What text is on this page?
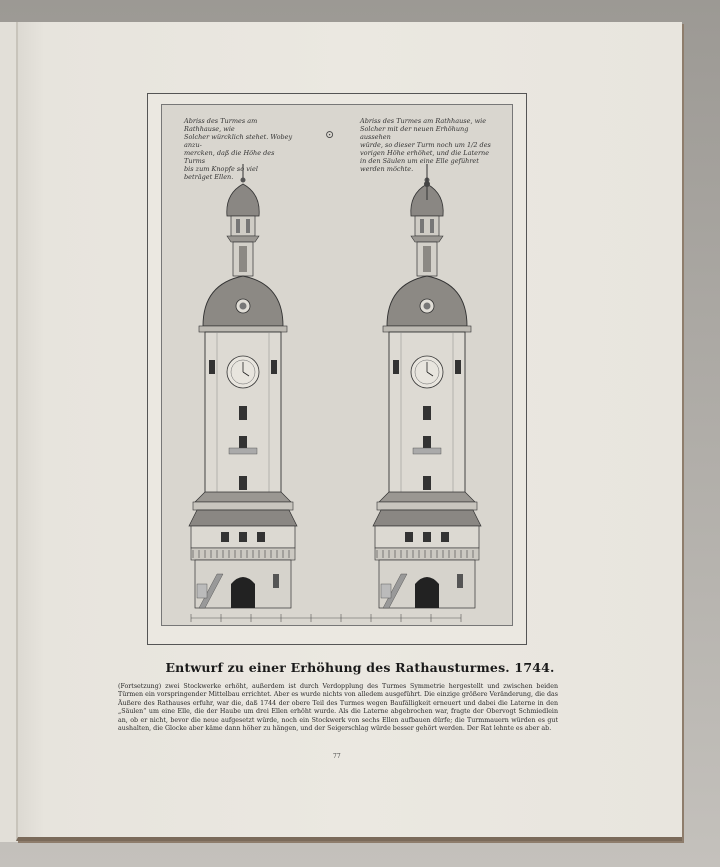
Abriss des Turmes am Rathhause, wie
Solcher würcklich stehet. Wobey anzu-
mercken, daß die Höhe des Turms
bis zum Knopfe so viel
beträget Ellen.
Abriss des Turmes am Rathhause, wie
Solcher mit der neuen Erhöhung aussehen
würde, so dieser Turm noch um 1/2 des
vorigen Höhe erhöhet, und die Laterne
in den Säulen um eine Elle geführet
werden möchte.
⊙
Entwurf zu einer Erhöhung des Rathausturmes. 1744.
(Fortsetzung) zwei Stockwerke erhöht, außerdem ist durch Verdopplung des Turmes Symmetrie hergestellt und zwischen beiden Türmen ein vorspringender Mittelbau errichtet. Aber es wurde nichts von alledem ausgeführt. Die einzige größere Veränderung, die das Äußere des Rathauses erfuhr, war die, daß 1744 der obere Teil des Turmes wegen Baufälligkeit erneuert und dabei die Laterne in den „Säulen“ um eine Elle, die der Haube um drei Ellen erhöht wurde. Als die Laterne abgebrochen war, fragte der Obervogt Schmiedlein an, ob er nicht, bevor die neue aufgesetzt würde, noch ein Stockwerk von sechs Ellen aufbauen dürfe; die Turmmauern würden es gut aushalten, die Glocke aber käme dann höher zu hängen, und der Seigerschlag würde besser gehört werden. Der Rat lehnte es aber ab.
77
